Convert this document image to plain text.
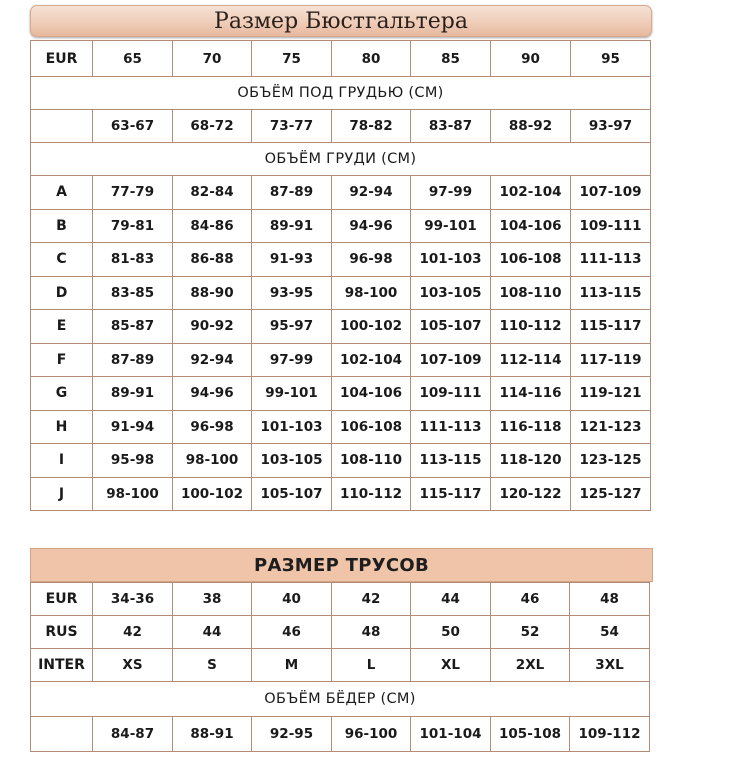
Размер Бюстгальтера
EUR	65	70	75	80	85	90	95
ОБЪЁМ ПОД ГРУДЬЮ (СМ)							
	63-67	68-72	73-77	78-82	83-87	88-92	93-97
ОБЪЁМ ГРУДИ (СМ)							
A	77-79	82-84	87-89	92-94	97-99	102-104	107-109
B	79-81	84-86	89-91	94-96	99-101	104-106	109-111
C	81-83	86-88	91-93	96-98	101-103	106-108	111-113
D	83-85	88-90	93-95	98-100	103-105	108-110	113-115
E	85-87	90-92	95-97	100-102	105-107	110-112	115-117
F	87-89	92-94	97-99	102-104	107-109	112-114	117-119
G	89-91	94-96	99-101	104-106	109-111	114-116	119-121
H	91-94	96-98	101-103	106-108	111-113	116-118	121-123
I	95-98	98-100	103-105	108-110	113-115	118-120	123-125
J	98-100	100-102	105-107	110-112	115-117	120-122	125-127
РАЗМЕР ТРУСОВ
EUR	34-36	38	40	42	44	46	48
RUS	42	44	46	48	50	52	54
INTER	XS	S	M	L	XL	2XL	3XL
ОБЪЁМ БЁДЕР (СМ)							
	84-87	88-91	92-95	96-100	101-104	105-108	109-112
